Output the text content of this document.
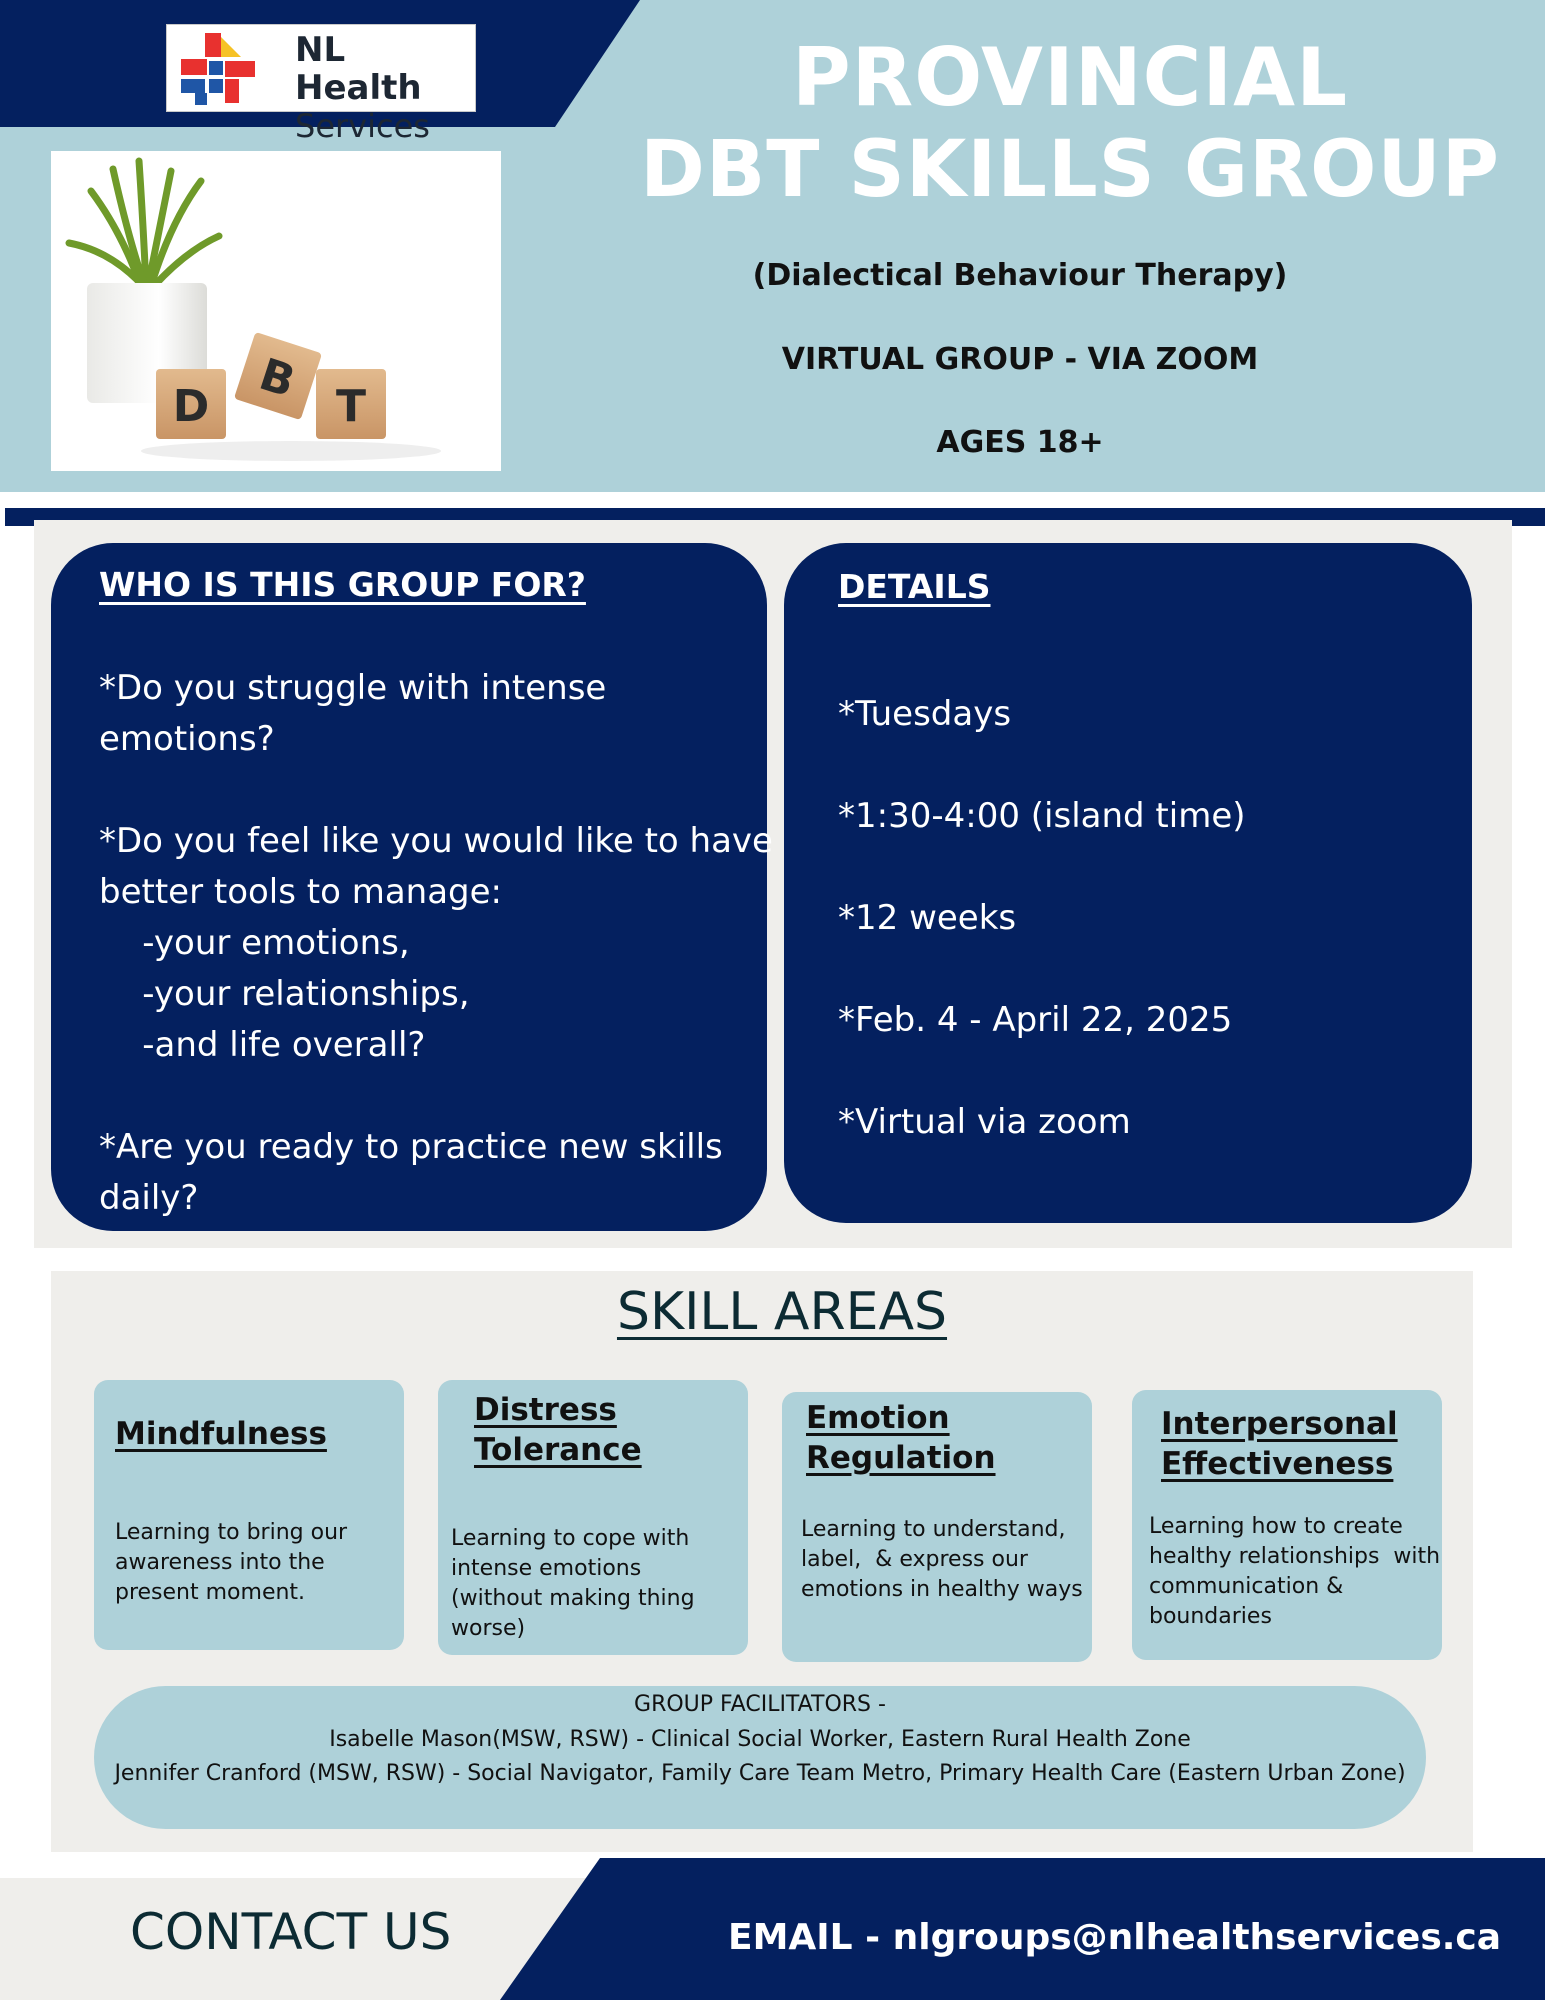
NL Health
Services
D B T
PROVINCIAL
DBT SKILLS GROUP
(Dialectical Behaviour Therapy)
VIRTUAL GROUP - VIA ZOOM
AGES 18+
WHO IS THIS GROUP FOR?
*Do you struggle with intense
emotions?

*Do you feel like you would like to have
better tools to manage:
-your emotions,
-your relationships,
-and life overall?

*Are you ready to practice new skills
daily?
DETAILS
*Tuesdays
*1:30-4:00 (island time)
*12 weeks
*Feb. 4 - April 22, 2025
*Virtual via zoom
SKILL AREAS
Mindfulness
Learning to bring our
awareness into the
present moment.
Distress
Tolerance
Learning to cope with
intense emotions
(without making thing
worse)
Emotion
Regulation
Learning to understand,
label,  & express our
emotions in healthy ways
Interpersonal
Effectiveness
Learning how to create
healthy relationships  with
communication &
boundaries
GROUP FACILITATORS -
Isabelle Mason(MSW, RSW) - Clinical Social Worker, Eastern Rural Health Zone
Jennifer Cranford (MSW, RSW) - Social Navigator, Family Care Team Metro, Primary Health Care (Eastern Urban Zone)
CONTACT US	EMAIL - nlgroups@nlhealthservices.ca
